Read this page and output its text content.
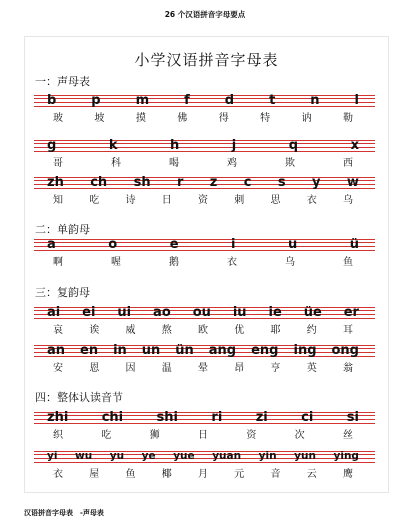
26 个汉语拼音字母要点
小学汉语拼音字母表
一：声母表
二：单韵母
三：复韵母
四：整体认读音节
b	p	m	f	d	t	n	l
玻	坡	摸	佛	得	特	讷	勒
g	k	h	j	q	x
哥	科	喝	鸡	欺	西
zh ch sh r z c s y w
知	吃	诗	日	资	刺	思	衣	乌
a	o	e	i	u	ü
啊	喔	鹅	衣	乌	鱼
ai ei ui ao ou iu ie üe er
哀	诶	威	熬	欧	优	耶	约	耳
an en in un ün ang eng ing ong
安	恩	因	温	晕	昂	亨	英	翁
zhi	chi	shi	ri	zi	ci	si
织	吃	狮	日	资	次	丝
yi wu yu ye yue yuan yin yun ying
衣	屋	鱼	椰	月	元	音	云	鹰
汉语拼音字母表　-声母表
